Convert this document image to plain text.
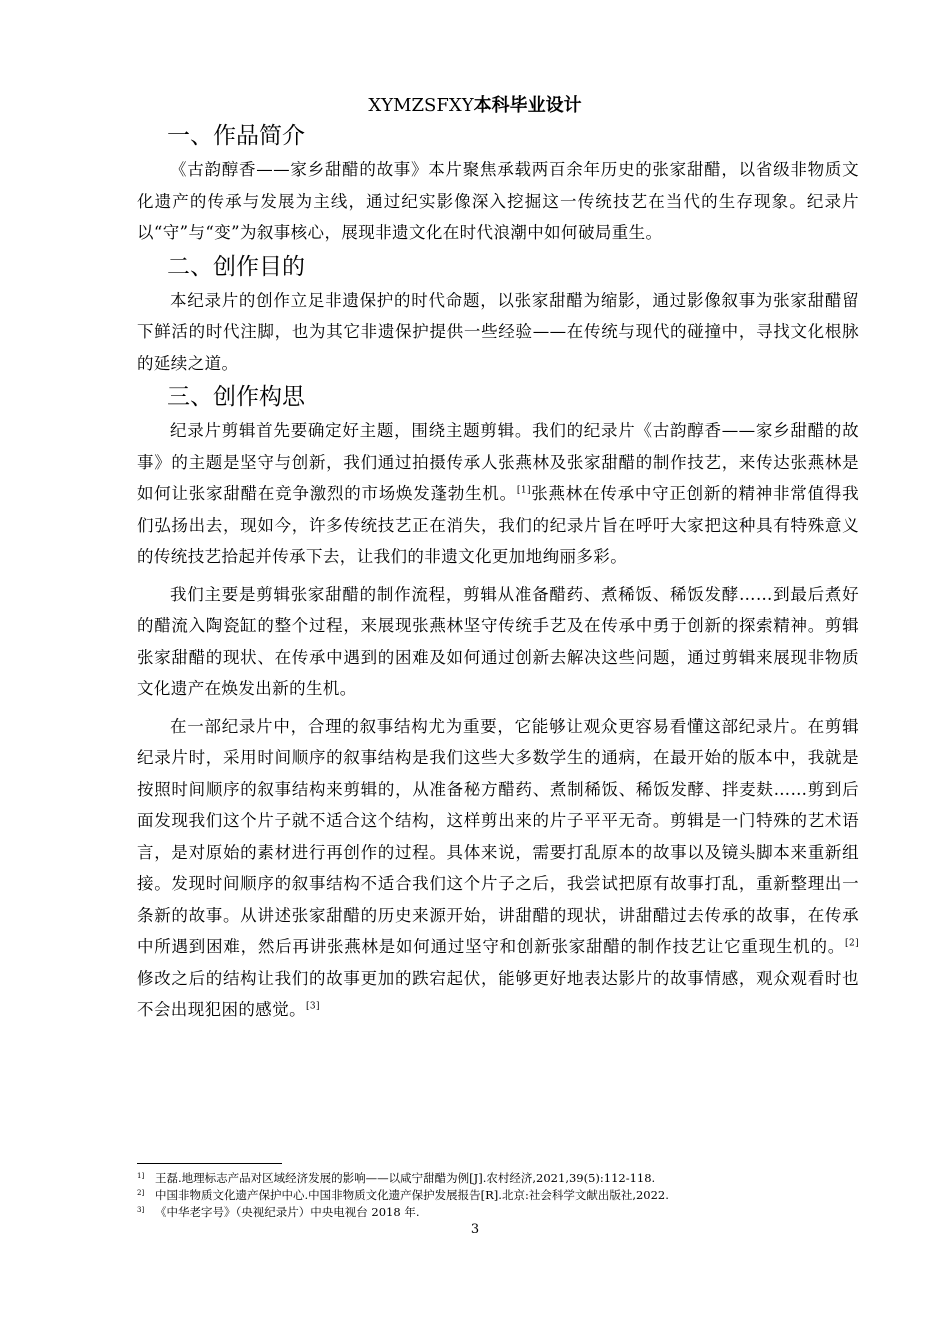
XYMZSFXY本科毕业设计
一、作品简介

《古韵醇香——家乡甜醋的故事》本片聚焦承载两百余年历史的张家甜醋，以省级非物质文化遗产的传承与发展为主线，通过纪实影像深入挖掘这一传统技艺在当代的生存现象。纪录片以“守”与“变”为叙事核心，展现非遗文化在时代浪潮中如何破局重生。

二、创作目的

本纪录片的创作立足非遗保护的时代命题，以张家甜醋为缩影，通过影像叙事为张家甜醋留下鲜活的时代注脚，也为其它非遗保护提供一些经验——在传统与现代的碰撞中，寻找文化根脉的延续之道。

三、创作构思

纪录片剪辑首先要确定好主题，围绕主题剪辑。我们的纪录片《古韵醇香——家乡甜醋的故事》的主题是坚守与创新，我们通过拍摄传承人张燕林及张家甜醋的制作技艺，来传达张燕林是如何让张家甜醋在竞争激烈的市场焕发蓬勃生机。[1]张燕林在传承中守正创新的精神非常值得我们弘扬出去，现如今，许多传统技艺正在消失，我们的纪录片旨在呼吁大家把这种具有特殊意义的传统技艺拾起并传承下去，让我们的非遗文化更加地绚丽多彩。

我们主要是剪辑张家甜醋的制作流程，剪辑从准备醋药、煮稀饭、稀饭发酵……到最后煮好的醋流入陶瓷缸的整个过程，来展现张燕林坚守传统手艺及在传承中勇于创新的探索精神。剪辑张家甜醋的现状、在传承中遇到的困难及如何通过创新去解决这些问题，通过剪辑来展现非物质文化遗产在焕发出新的生机。

在一部纪录片中，合理的叙事结构尤为重要，它能够让观众更容易看懂这部纪录片。在剪辑纪录片时，采用时间顺序的叙事结构是我们这些大多数学生的通病，在最开始的版本中，我就是按照时间顺序的叙事结构来剪辑的，从准备秘方醋药、煮制稀饭、稀饭发酵、拌麦麸……剪到后面发现我们这个片子就不适合这个结构，这样剪出来的片子平平无奇。剪辑是一门特殊的艺术语言，是对原始的素材进行再创作的过程。具体来说，需要打乱原本的故事以及镜头脚本来重新组接。发现时间顺序的叙事结构不适合我们这个片子之后，我尝试把原有故事打乱，重新整理出一条新的故事。从讲述张家甜醋的历史来源开始，讲甜醋的现状，讲甜醋过去传承的故事，在传承中所遇到困难，然后再讲张燕林是如何通过坚守和创新张家甜醋的制作技艺让它重现生机的。[2]修改之后的结构让我们的故事更加的跌宕起伏，能够更好地表达影片的故事情感，观众观看时也不会出现犯困的感觉。[3]

1] 王磊.地理标志产品对区域经济发展的影响——以咸宁甜醋为例[J].农村经济,2021,39(5):112-118.
2] 中国非物质文化遗产保护中心.中国非物质文化遗产保护发展报告[R].北京:社会科学文献出版社,2022.
3] 《中华老字号》（央视纪录片）中央电视台 2018 年.
3
